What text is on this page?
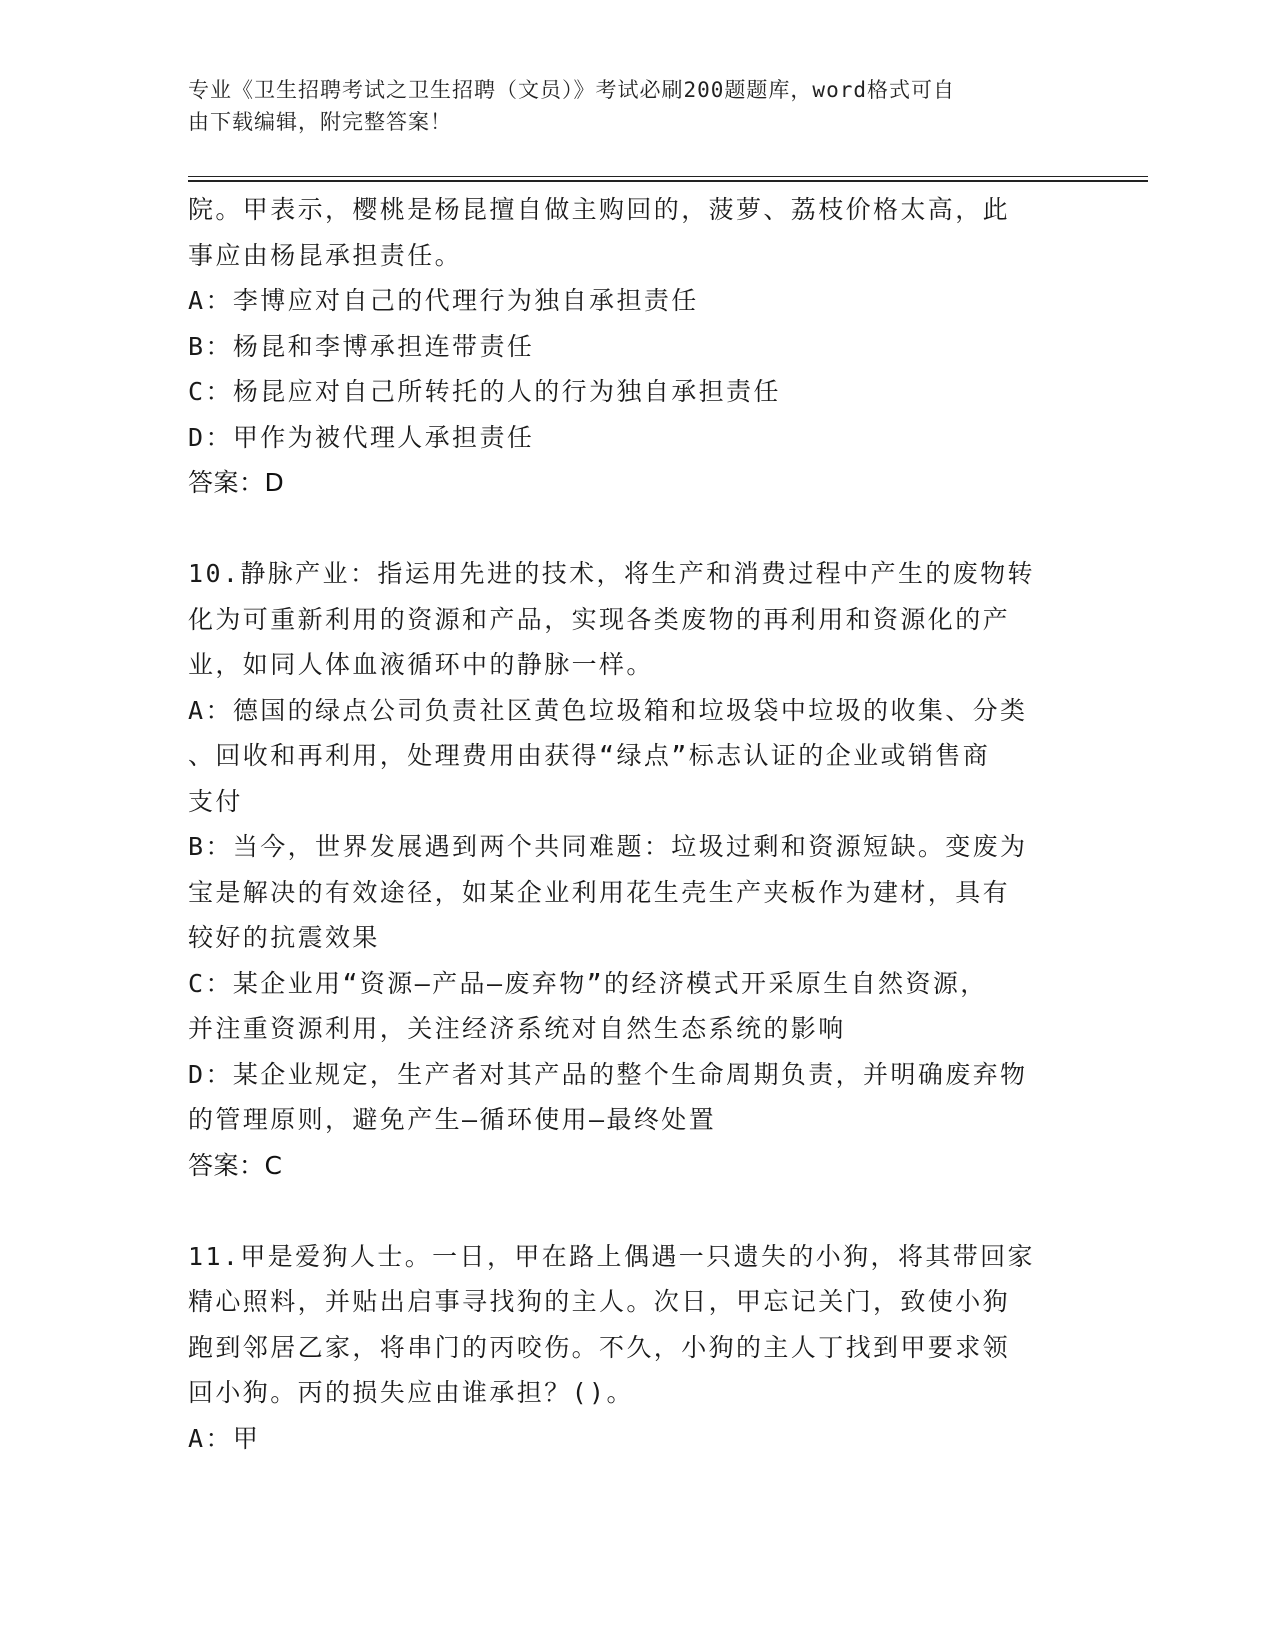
专业《卫生招聘考试之卫生招聘（文员）》考试必刷200题题库，word格式可自
由下载编辑，附完整答案！
院。甲表示，樱桃是杨昆擅自做主购回的，菠萝、荔枝价格太高，此
事应由杨昆承担责任。
A：李博应对自己的代理行为独自承担责任
B：杨昆和李博承担连带责任
C：杨昆应对自己所转托的人的行为独自承担责任
D：甲作为被代理人承担责任
答案：D
10.静脉产业：指运用先进的技术，将生产和消费过程中产生的废物转
化为可重新利用的资源和产品，实现各类废物的再利用和资源化的产
业，如同人体血液循环中的静脉一样。
A：德国的绿点公司负责社区黄色垃圾箱和垃圾袋中垃圾的收集、分类
、回收和再利用，处理费用由获得“绿点”标志认证的企业或销售商
支付
B：当今，世界发展遇到两个共同难题：垃圾过剩和资源短缺。变废为
宝是解决的有效途径，如某企业利用花生壳生产夹板作为建材，具有
较好的抗震效果
C：某企业用“资源—产品—废弃物”的经济模式开采原生自然资源，
并注重资源利用，关注经济系统对自然生态系统的影响
D：某企业规定，生产者对其产品的整个生命周期负责，并明确废弃物
的管理原则，避免产生—循环使用—最终处置
答案：C
11.甲是爱狗人士。一日，甲在路上偶遇一只遗失的小狗，将其带回家
精心照料，并贴出启事寻找狗的主人。次日，甲忘记关门，致使小狗
跑到邻居乙家，将串门的丙咬伤。不久，小狗的主人丁找到甲要求领
回小狗。丙的损失应由谁承担？()。
A：甲
